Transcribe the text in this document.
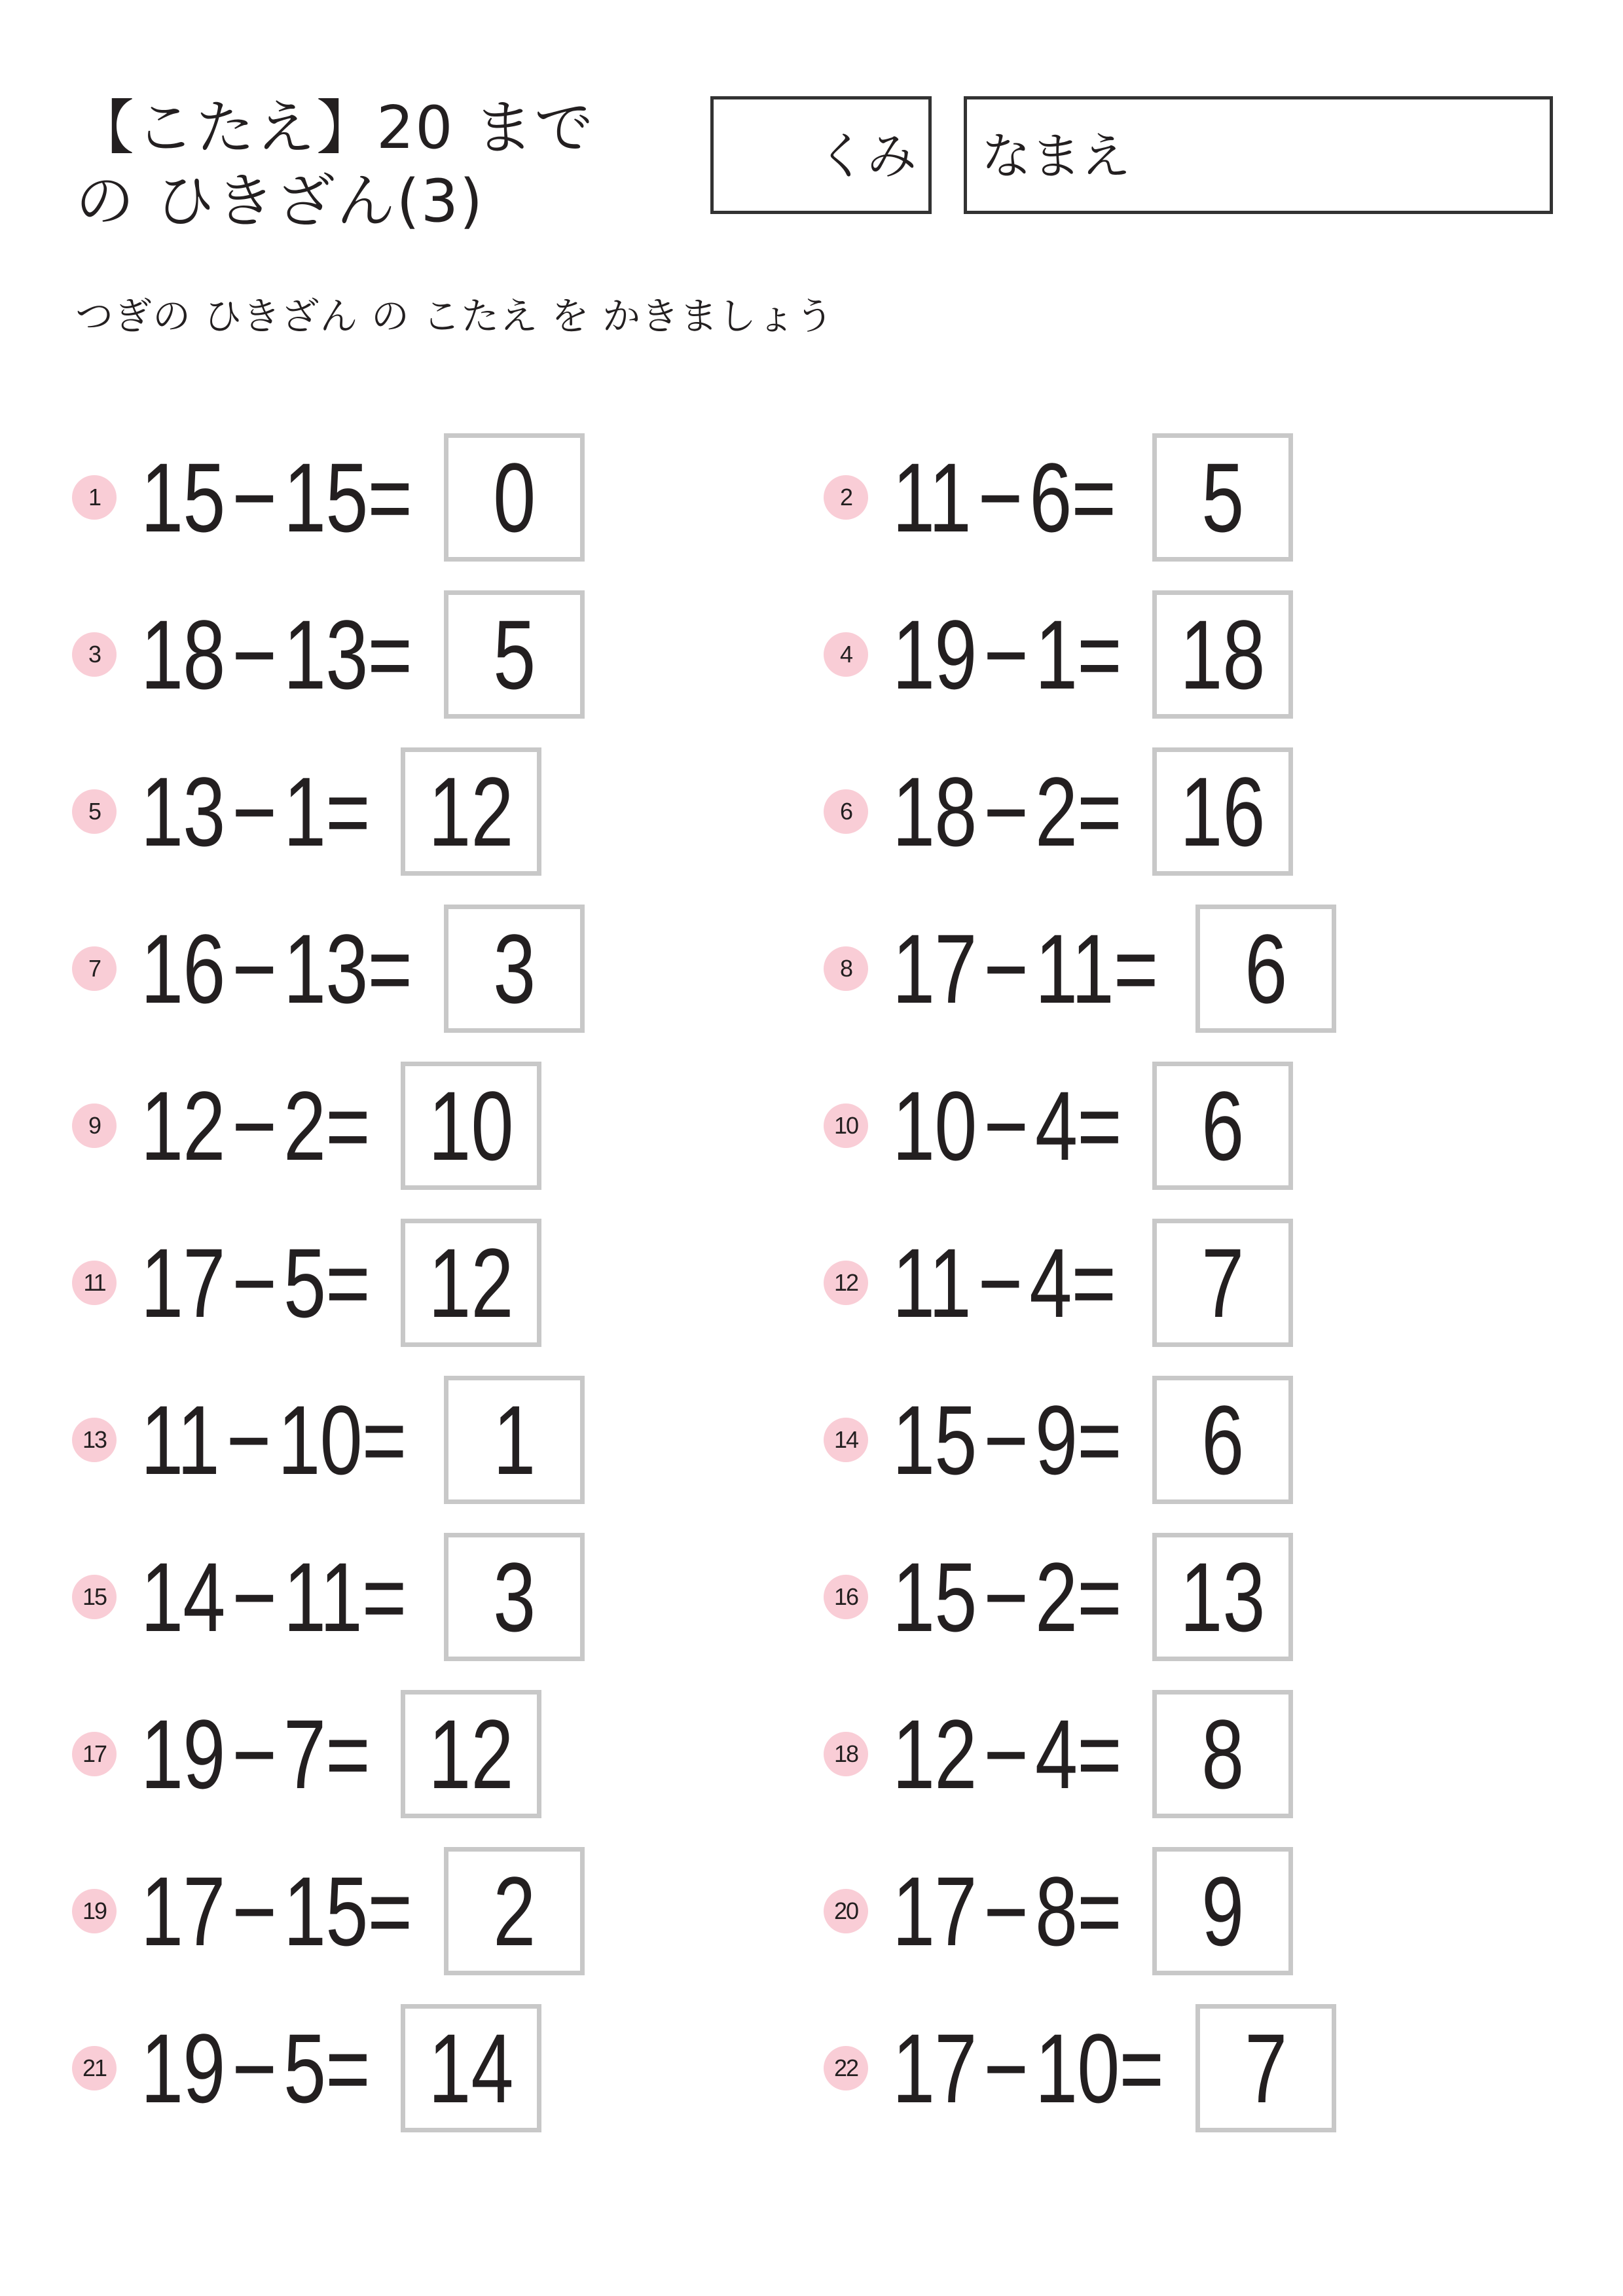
【こたえ】20 までの ひきざん(3)
くみ なまえ
つぎの ひきざん の こたえ を かきましょう
1 15 − 15 = 0	2 11 − 6 = 5
3 18 − 13 = 5	4 19 − 1 = 18
5 13 − 1 = 12	6 18 − 2 = 16
7 16 − 13 = 3	8 17 − 11 = 6
9 12 − 2 = 10	10 10 − 4 = 6
11 17 − 5 = 12	12 11 − 4 = 7
13 11 − 10 = 1	14 15 − 9 = 6
15 14 − 11 = 3	16 15 − 2 = 13
17 19 − 7 = 12	18 12 − 4 = 8
19 17 − 15 = 2	20 17 − 8 = 9
21 19 − 5 = 14	22 17 − 10 = 7
